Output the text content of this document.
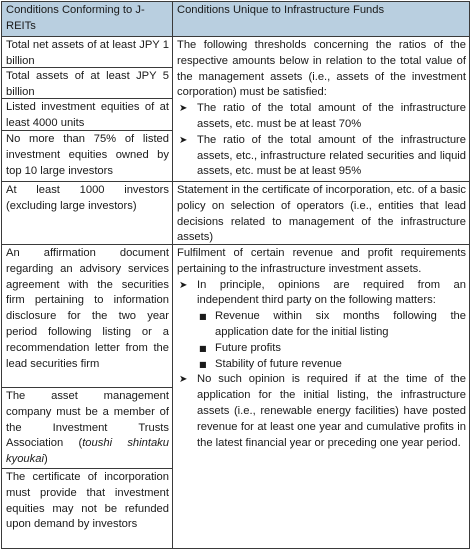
Conditions Conforming to J-REITs
Conditions Unique to Infrastructure Funds
Total net assets of at least JPY 1 billion
Total assets of at least JPY 5 billion
Listed investment equities of at least 4000 units
No more than 75% of listed investment equities owned by top 10 large investors
At least 1000 investors (excluding large investors)
An affirmation document regarding an advisory services agreement with the securities firm pertaining to information disclosure for the two year period following listing or a recommendation letter from the lead securities firm
The asset management company must be a member of the Investment Trusts Association (toushi shintaku kyoukai)
The certificate of incorporation must provide that investment equities may not be refunded upon demand by investors
The following thresholds concerning the ratios of the respective amounts below in relation to the total value of the management assets (i.e., assets of the investment corporation) must be satisfied:
➤ The ratio of the total amount of the infrastructure assets, etc. must be at least 70%
➤ The ratio of the total amount of the infrastructure assets, etc., infrastructure related securities and liquid assets, etc. must be at least 95%
Statement in the certificate of incorporation, etc. of a basic policy on selection of operators (i.e., entities that lead decisions related to management of the infrastructure assets)
Fulfilment of certain revenue and profit requirements pertaining to the infrastructure investment assets.
➤ In principle, opinions are required from an independent third party on the following matters:
■ Revenue within six months following the application date for the initial listing
■ Future profits
■ Stability of future revenue
➤ No such opinion is required if at the time of the application for the initial listing, the infrastructure assets (i.e., renewable energy facilities) have posted revenue for at least one year and cumulative profits in the latest financial year or preceding one year period.
